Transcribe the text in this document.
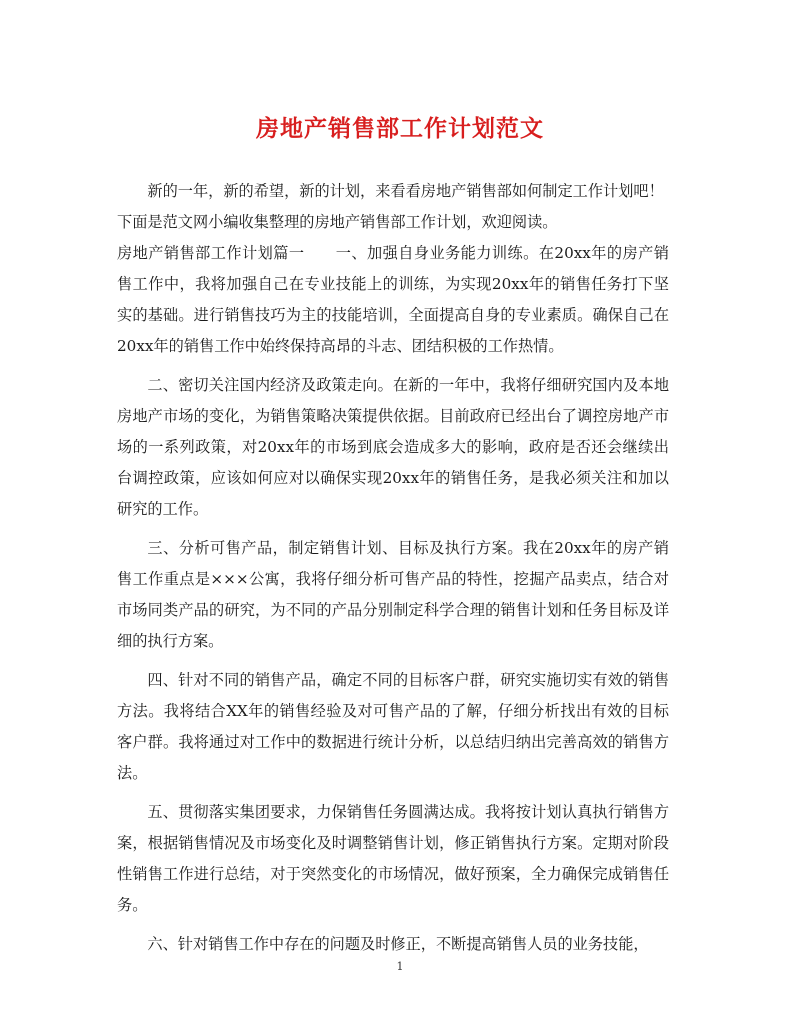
房地产销售部工作计划范文

新的一年，新的希望，新的计划，来看看房地产销售部如何制定工作计划吧！

下面是范文网小编收集整理的房地产销售部工作计划，欢迎阅读。

房地产销售部工作计划篇一　　一、加强自身业务能力训练。在20xx年的房产销售工作中，我将加强自己在专业技能上的训练，为实现20xx年的销售任务打下坚实的基础。进行销售技巧为主的技能培训，全面提高自身的专业素质。确保自己在20xx年的销售工作中始终保持高昂的斗志、团结积极的工作热情。

二、密切关注国内经济及政策走向。在新的一年中，我将仔细研究国内及本地房地产市场的变化，为销售策略决策提供依据。目前政府已经出台了调控房地产市场的一系列政策，对20xx年的市场到底会造成多大的影响，政府是否还会继续出台调控政策，应该如何应对以确保实现20xx年的销售任务，是我必须关注和加以研究的工作。

三、分析可售产品，制定销售计划、目标及执行方案。我在20xx年的房产销售工作重点是×××公寓，我将仔细分析可售产品的特性，挖掘产品卖点，结合对市场同类产品的研究，为不同的产品分别制定科学合理的销售计划和任务目标及详细的执行方案。

四、针对不同的销售产品，确定不同的目标客户群，研究实施切实有效的销售方法。我将结合XX年的销售经验及对可售产品的了解，仔细分析找出有效的目标客户群。我将通过对工作中的数据进行统计分析，以总结归纳出完善高效的销售方法。

五、贯彻落实集团要求，力保销售任务圆满达成。我将按计划认真执行销售方案，根据销售情况及市场变化及时调整销售计划，修正销售执行方案。定期对阶段性销售工作进行总结，对于突然变化的市场情况，做好预案，全力确保完成销售任务。

六、针对销售工作中存在的问题及时修正，不断提高销售人员的业务技能，

1
